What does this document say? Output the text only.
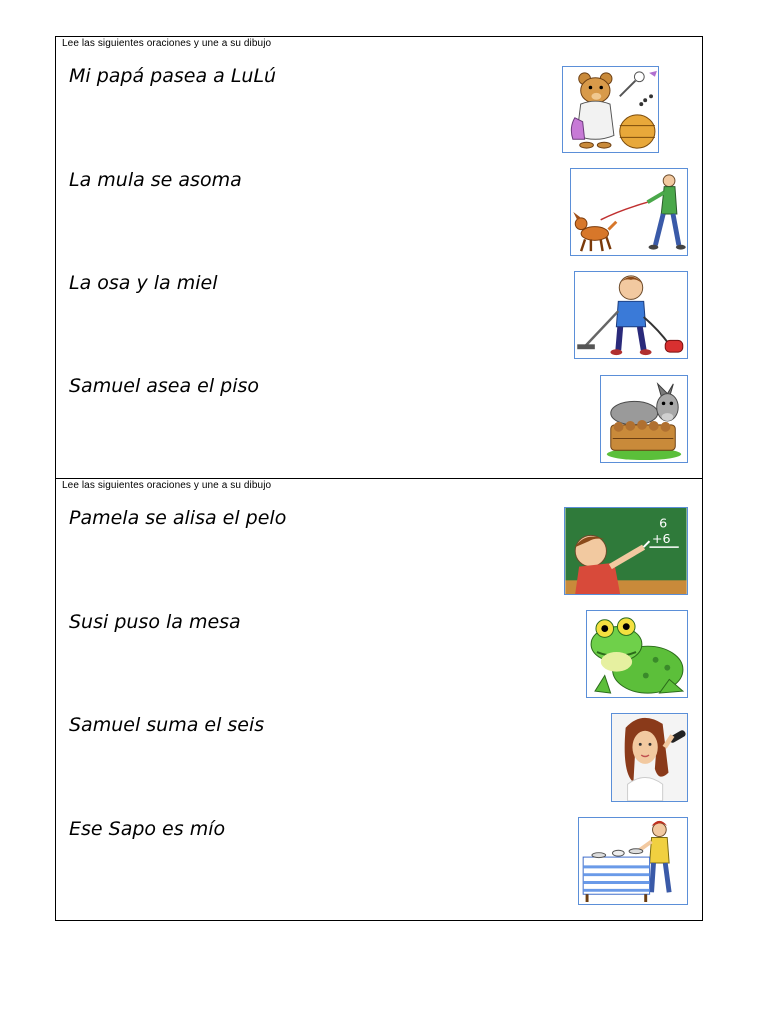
Lee las siguientes oraciones y une a su dibujo
Mi papá pasea a LuLú
La mula se asoma
La osa y la miel
Samuel asea el piso
Lee las siguientes oraciones y une a su dibujo
Pamela se alisa el pelo
Susi puso la mesa
Samuel suma el seis
Ese Sapo es mío
6
+6
